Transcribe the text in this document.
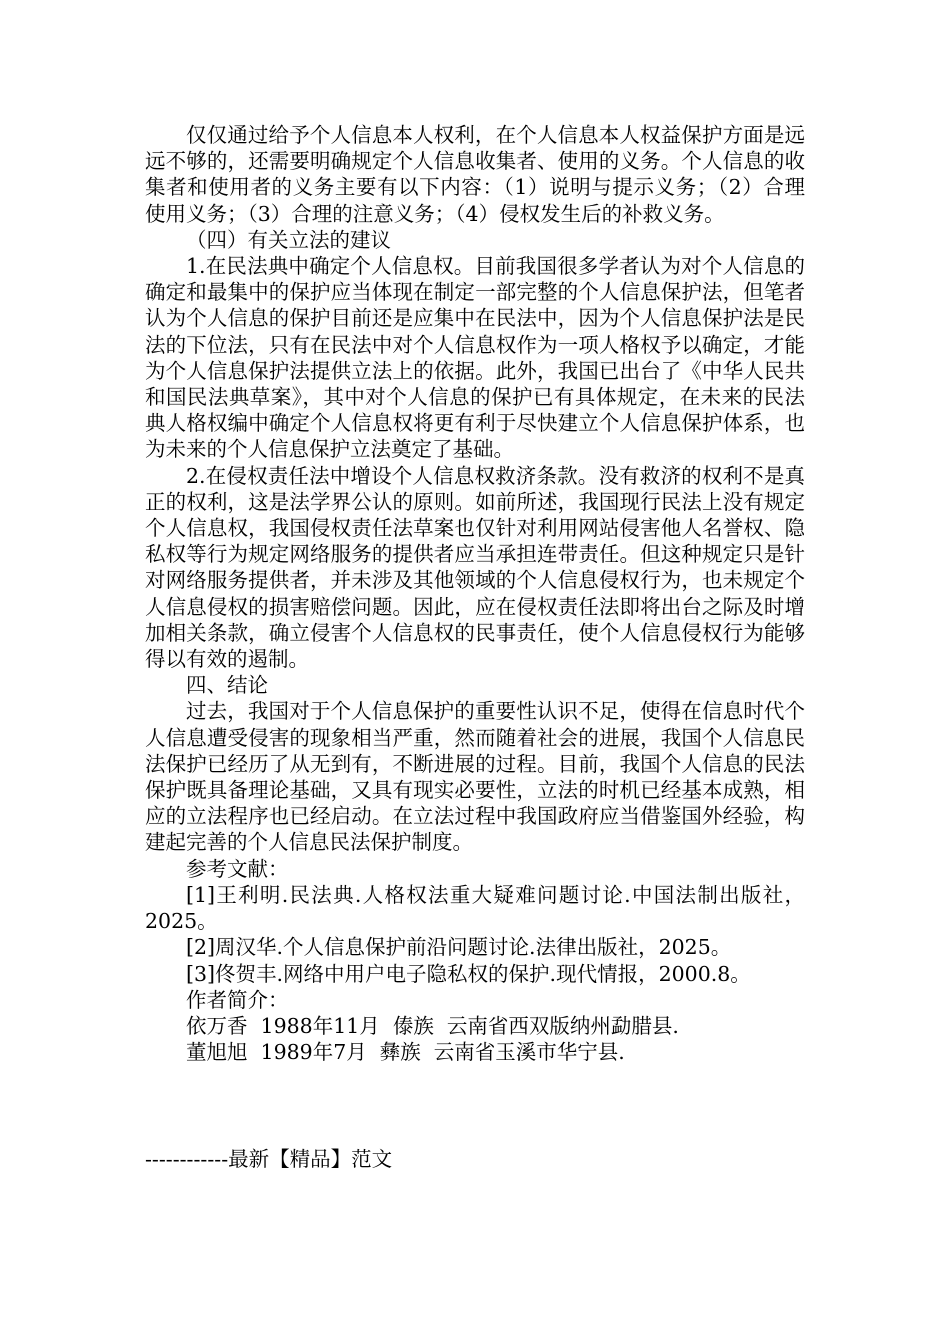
仅仅通过给予个人信息本人权利，在个人信息本人权益保护方面是远远不够的，还需要明确规定个人信息收集者、使用的义务。个人信息的收集者和使用者的义务主要有以下内容：（1）说明与提示义务；（2）合理使用义务；（3）合理的注意义务；（4）侵权发生后的补救义务。

（四）有关立法的建议

1.在民法典中确定个人信息权。目前我国很多学者认为对个人信息的确定和最集中的保护应当体现在制定一部完整的个人信息保护法，但笔者认为个人信息的保护目前还是应集中在民法中，因为个人信息保护法是民法的下位法，只有在民法中对个人信息权作为一项人格权予以确定，才能为个人信息保护法提供立法上的依据。此外，我国已出台了《中华人民共和国民法典草案》，其中对个人信息的保护已有具体规定，在未来的民法典人格权编中确定个人信息权将更有利于尽快建立个人信息保护体系，也为未来的个人信息保护立法奠定了基础。

2.在侵权责任法中增设个人信息权救济条款。没有救济的权利不是真正的权利，这是法学界公认的原则。如前所述，我国现行民法上没有规定个人信息权，我国侵权责任法草案也仅针对利用网站侵害他人名誉权、隐私权等行为规定网络服务的提供者应当承担连带责任。但这种规定只是针对网络服务提供者，并未涉及其他领域的个人信息侵权行为，也未规定个人信息侵权的损害赔偿问题。因此，应在侵权责任法即将出台之际及时增加相关条款，确立侵害个人信息权的民事责任，使个人信息侵权行为能够得以有效的遏制。

四、结论

过去，我国对于个人信息保护的重要性认识不足，使得在信息时代个人信息遭受侵害的现象相当严重，然而随着社会的进展，我国个人信息民法保护已经历了从无到有，不断进展的过程。目前，我国个人信息的民法保护既具备理论基础，又具有现实必要性，立法的时机已经基本成熟，相应的立法程序也已经启动。在立法过程中我国政府应当借鉴国外经验，构建起完善的个人信息民法保护制度。

参考文献：

[1]王利明.民法典.人格权法重大疑难问题讨论.中国法制出版社，2025。

[2]周汉华.个人信息保护前沿问题讨论.法律出版社，2025。

[3]佟贺丰.网络中用户电子隐私权的保护.现代情报，2000.8。

作者简介：

依万香  1988年11月  傣族  云南省西双版纳州勐腊县.

董旭旭  1989年7月  彝族  云南省玉溪市华宁县.

------------最新【精品】范文
